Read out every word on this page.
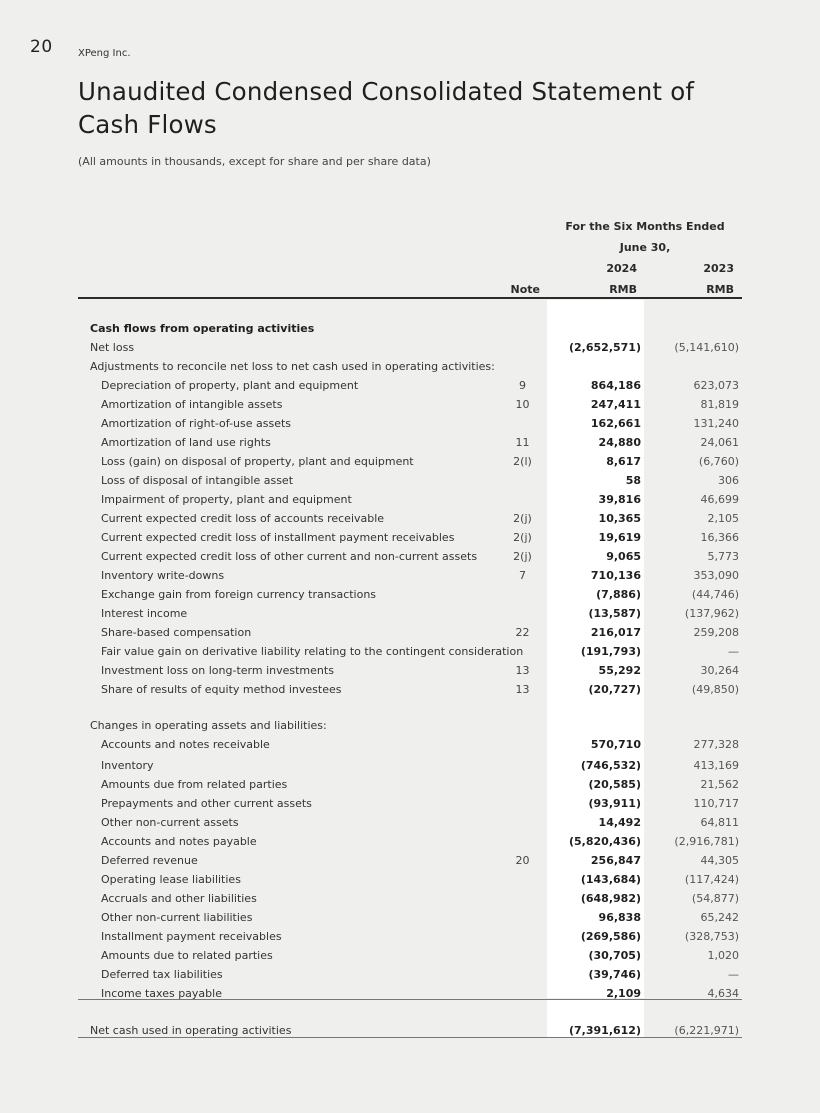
20	XPeng Inc.
Unaudited Condensed Consolidated Statement of
Cash Flows
(All amounts in thousands, except for share and per share data)
For the Six Months Ended
June 30,
2024	2023
Note	RMB	RMB
Cash flows from operating activities
Net loss	(2,652,571)	(5,141,610)
Adjustments to reconcile net loss to net cash used in operating activities:
Depreciation of property, plant and equipment	9	864,186	623,073
Amortization of intangible assets	10	247,411	81,819
Amortization of right-of-use assets	162,661	131,240
Amortization of land use rights	11	24,880	24,061
Loss (gain) on disposal of property, plant and equipment	2(l)	8,617	(6,760)
Loss of disposal of intangible asset	58	306
Impairment of property, plant and equipment	39,816	46,699
Current expected credit loss of accounts receivable	2(j)	10,365	2,105
Current expected credit loss of installment payment receivables	2(j)	19,619	16,366
Current expected credit loss of other current and non-current assets	2(j)	9,065	5,773
Inventory write-downs	7	710,136	353,090
Exchange gain from foreign currency transactions	(7,886)	(44,746)
Interest income	(13,587)	(137,962)
Share-based compensation	22	216,017	259,208
Fair value gain on derivative liability relating to the contingent consideration	(191,793)	—
Investment loss on long-term investments	13	55,292	30,264
Share of results of equity method investees	13	(20,727)	(49,850)
Changes in operating assets and liabilities:
Accounts and notes receivable	570,710	277,328
Inventory	(746,532)	413,169
Amounts due from related parties	(20,585)	21,562
Prepayments and other current assets	(93,911)	110,717
Other non-current assets	14,492	64,811
Accounts and notes payable	(5,820,436)	(2,916,781)
Deferred revenue	20	256,847	44,305
Operating lease liabilities	(143,684)	(117,424)
Accruals and other liabilities	(648,982)	(54,877)
Other non-current liabilities	96,838	65,242
Installment payment receivables	(269,586)	(328,753)
Amounts due to related parties	(30,705)	1,020
Deferred tax liabilities	(39,746)	—
Income taxes payable	2,109	4,634
Net cash used in operating activities	(7,391,612)	(6,221,971)
